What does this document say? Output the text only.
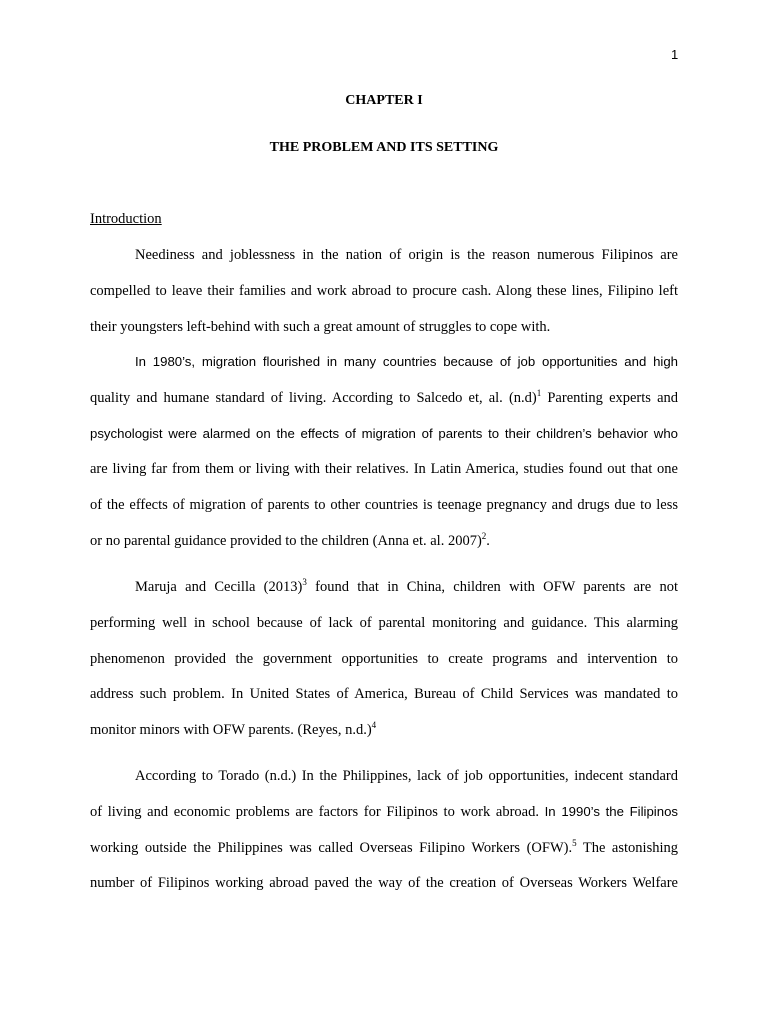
1
CHAPTER I
THE PROBLEM AND ITS SETTING
Introduction
Neediness and joblessness in the nation of origin is the reason numerous Filipinos are
compelled to leave their families and work abroad to procure cash. Along these lines, Filipino left
their youngsters left-behind with such a great amount of struggles to cope with.
In 1980’s, migration flourished in many countries because of job opportunities and high
quality and humane standard of living. According to Salcedo et, al. $(n.d)^1$ Parenting experts and
psychologist were alarmed on the effects of migration of parents to their children’s behavior who
are living far from them or living with their relatives. In Latin America, studies found out that one
of the effects of migration of parents to other countries is teenage pregnancy and drugs due to less
or no parental guidance provided to the children (Anna et. al. 2007)$^2$.
Maruja and Cecilla $(2013)^3$ found that in China, children with OFW parents are not
performing well in school because of lack of parental monitoring and guidance. This alarming
phenomenon provided the government opportunities to create programs and intervention to
address such problem. In United States of America, Bureau of Child Services was mandated to
monitor minors with OFW parents. (Reyes, n.d.)$^4$
According to Torado (n.d.) In the Philippines, lack of job opportunities, indecent standard
of living and economic problems are factors for Filipinos to work abroad. In 1990’s the Filipinos
working outside the Philippines was called Overseas Filipino Workers (OFW).$^5$ The astonishing
number of Filipinos working abroad paved the way of the creation of Overseas Workers Welfare
